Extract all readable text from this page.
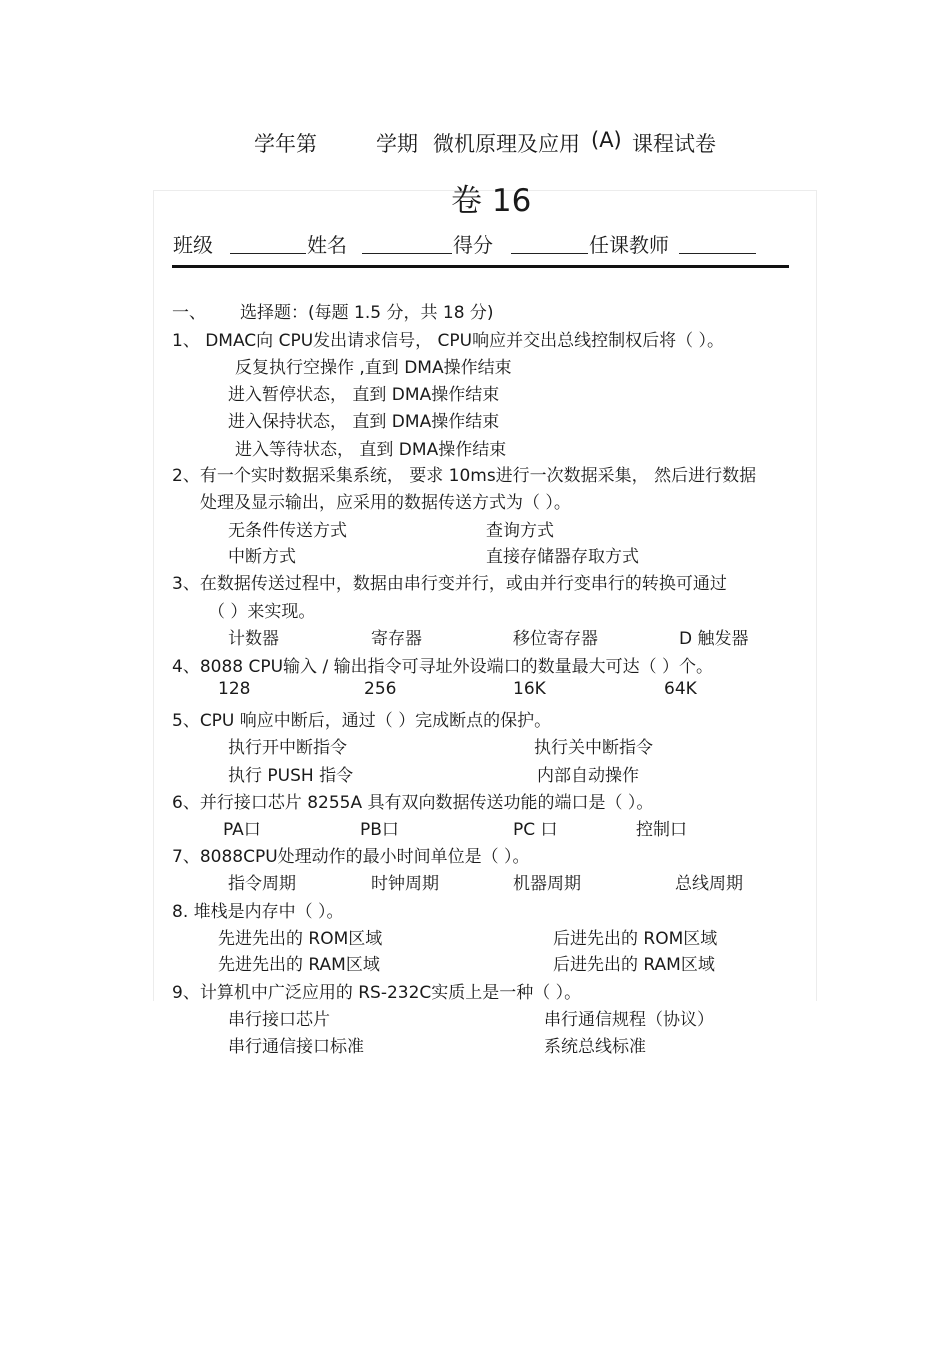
学年第	学期 微机原理及应用 (A) 课程试卷
卷 16
班级	姓名	得分	任课教师
一、 选择题：(每题 1.5 分，共 18 分)
1、 DMAC向 CPU发出请求信号， CPU响应并交出总线控制权后将（ ）。
反复执行空操作 ,直到 DMA操作结束
进入暂停状态， 直到 DMA操作结束
进入保持状态， 直到 DMA操作结束
进入等待状态， 直到 DMA操作结束
2、有一个实时数据采集系统， 要求 10ms进行一次数据采集， 然后进行数据
处理及显示输出，应采用的数据传送方式为（ ）。
无条件传送方式	查询方式
中断方式	直接存储器存取方式
3、在数据传送过程中，数据由串行变并行，或由并行变串行的转换可通过
（ ）来实现。
计数器	寄存器	移位寄存器	D 触发器
4、8088 CPU输入 / 输出指令可寻址外设端口的数量最大可达（ ）个。
128	256	16K	64K
5、CPU 响应中断后，通过（ ）完成断点的保护。
执行开中断指令	执行关中断指令
执行 PUSH 指令	内部自动操作
6、并行接口芯片 8255A 具有双向数据传送功能的端口是（ ）。
PA口	PB口	PC 口	控制口
7、8088CPU处理动作的最小时间单位是（ ）。
指令周期	时钟周期	机器周期	总线周期
8. 堆栈是内存中（ ）。
先进先出的 ROM区域	后进先出的 ROM区域
先进先出的 RAM区域	后进先出的 RAM区域
9、计算机中广泛应用的 RS-232C实质上是一种（ ）。
串行接口芯片	串行通信规程（协议）
串行通信接口标准	系统总线标准
